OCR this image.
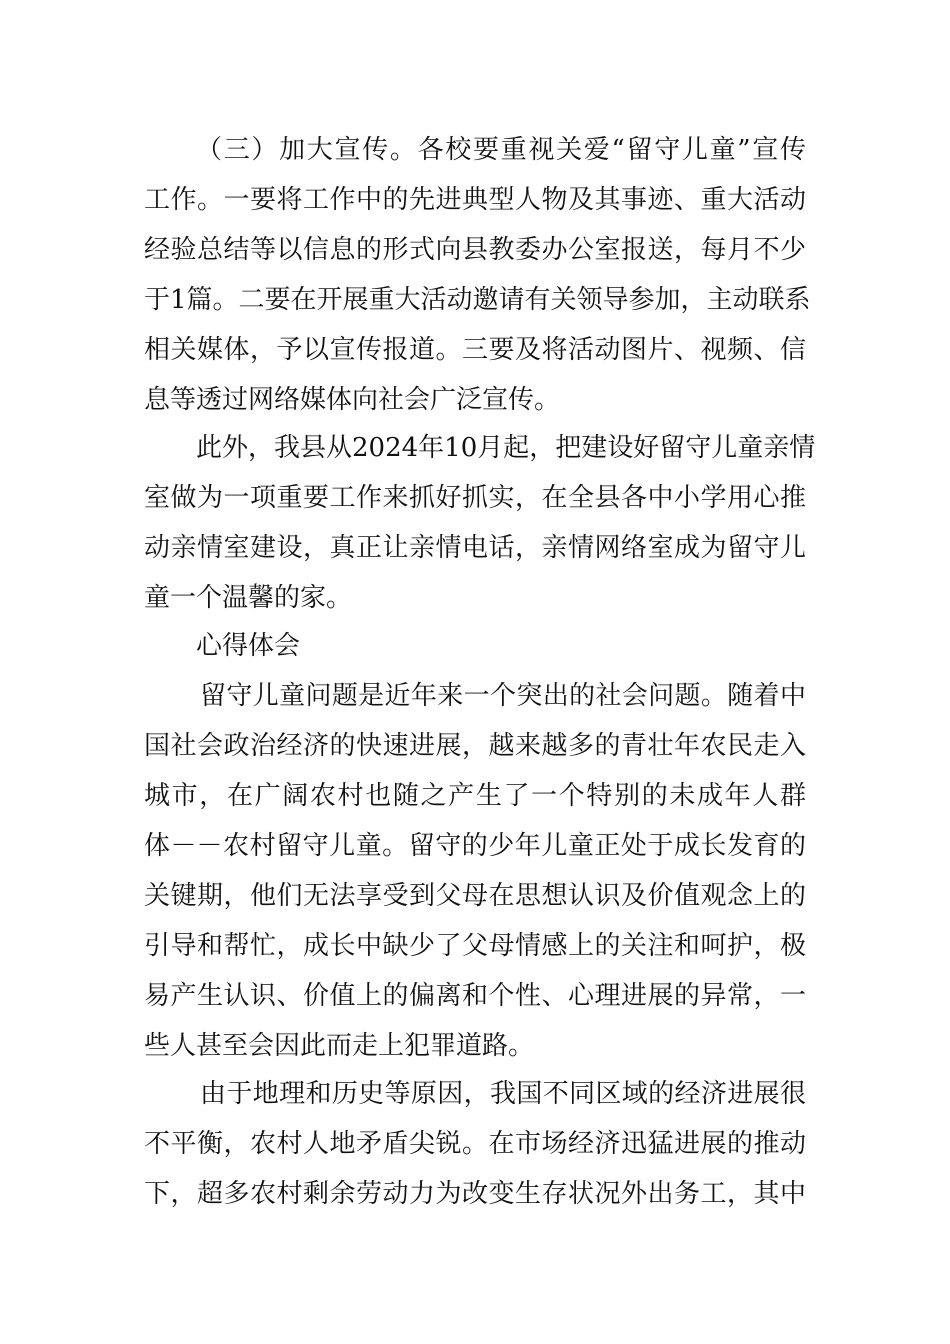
（三）加大宣传。各校要重视关爱“留守儿童”宣传
工作。一要将工作中的先进典型人物及其事迹、重大活动
经验总结等以信息的形式向县教委办公室报送，每月不少
于1篇。二要在开展重大活动邀请有关领导参加，主动联系
相关媒体，予以宣传报道。三要及将活动图片、视频、信
息等透过网络媒体向社会广泛宣传。
此外，我县从2024年10月起，把建设好留守儿童亲情
室做为一项重要工作来抓好抓实，在全县各中小学用心推
动亲情室建设，真正让亲情电话，亲情网络室成为留守儿
童一个温馨的家。
心得体会
留守儿童问题是近年来一个突出的社会问题。随着中
国社会政治经济的快速进展，越来越多的青壮年农民走入
城市，在广阔农村也随之产生了一个特别的未成年人群
体－－农村留守儿童。留守的少年儿童正处于成长发育的
关键期，他们无法享受到父母在思想认识及价值观念上的
引导和帮忙，成长中缺少了父母情感上的关注和呵护，极
易产生认识、价值上的偏离和个性、心理进展的异常，一
些人甚至会因此而走上犯罪道路。
由于地理和历史等原因，我国不同区域的经济进展很
不平衡，农村人地矛盾尖锐。在市场经济迅猛进展的推动
下，超多农村剩余劳动力为改变生存状况外出务工，其中
